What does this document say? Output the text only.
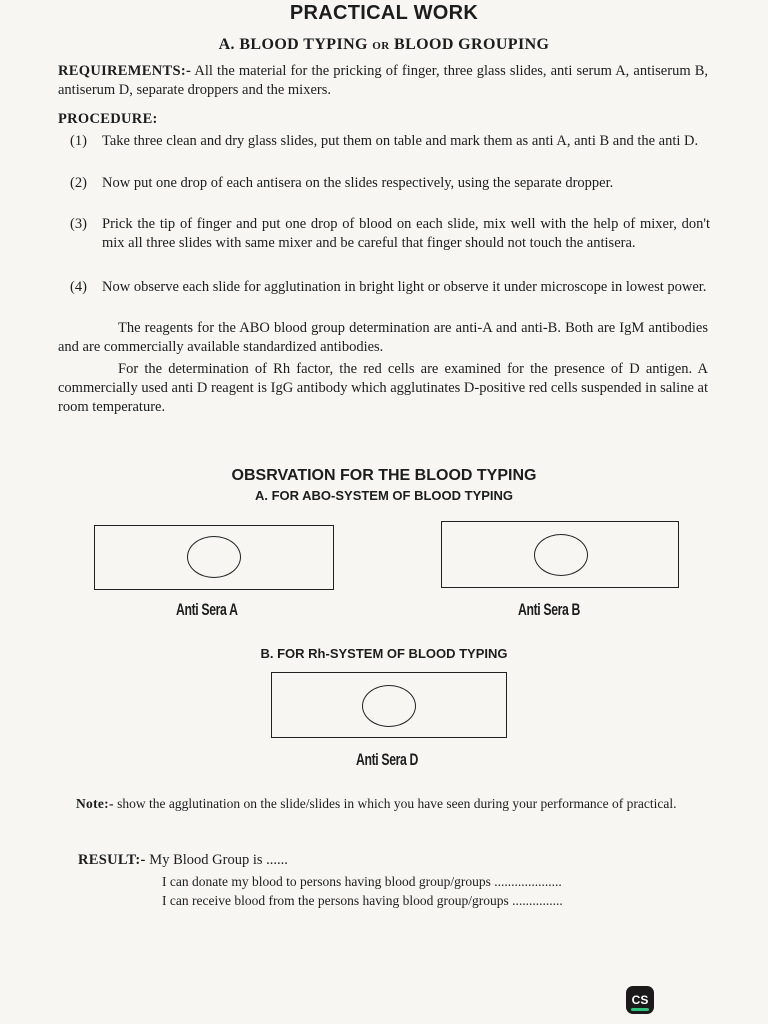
PRACTICAL WORK
A. BLOOD TYPING OR BLOOD GROUPING
REQUIREMENTS:- All the material for the pricking of finger, three glass slides, anti serum A, antiserum B, antiserum D, separate droppers and the mixers.
PROCEDURE:
(1)	Take three clean and dry glass slides, put them on table and mark them as anti A, anti B and the anti D.
(2)	Now put one drop of each antisera on the slides respectively, using the separate dropper.
(3)	Prick the tip of finger and put one drop of blood on each slide, mix well with the help of mixer, don't mix all three slides with same mixer and be careful that finger should not touch the antisera.
(4)	Now observe each slide for agglutination in bright light or observe it under microscope in lowest power.
The reagents for the ABO blood group determination are anti-A and anti-B. Both are IgM antibodies and are commercially available standardized antibodies.
For the determination of Rh factor, the red cells are examined for the presence of D antigen. A commercially used anti D reagent is IgG antibody which agglutinates D-positive red cells suspended in saline at room temperature.
OBSRVATION FOR THE BLOOD TYPING
A. FOR ABO-SYSTEM OF BLOOD TYPING
Anti Sera A	Anti Sera B
B. FOR Rh-SYSTEM OF BLOOD TYPING
Anti Sera D
Note:- show the agglutination on the slide/slides in which you have seen during your performance of practical.
RESULT:- My Blood Group is ......
I can donate my blood to persons having blood group/groups ....................
I can receive blood from the persons having blood group/groups ...............
CS
